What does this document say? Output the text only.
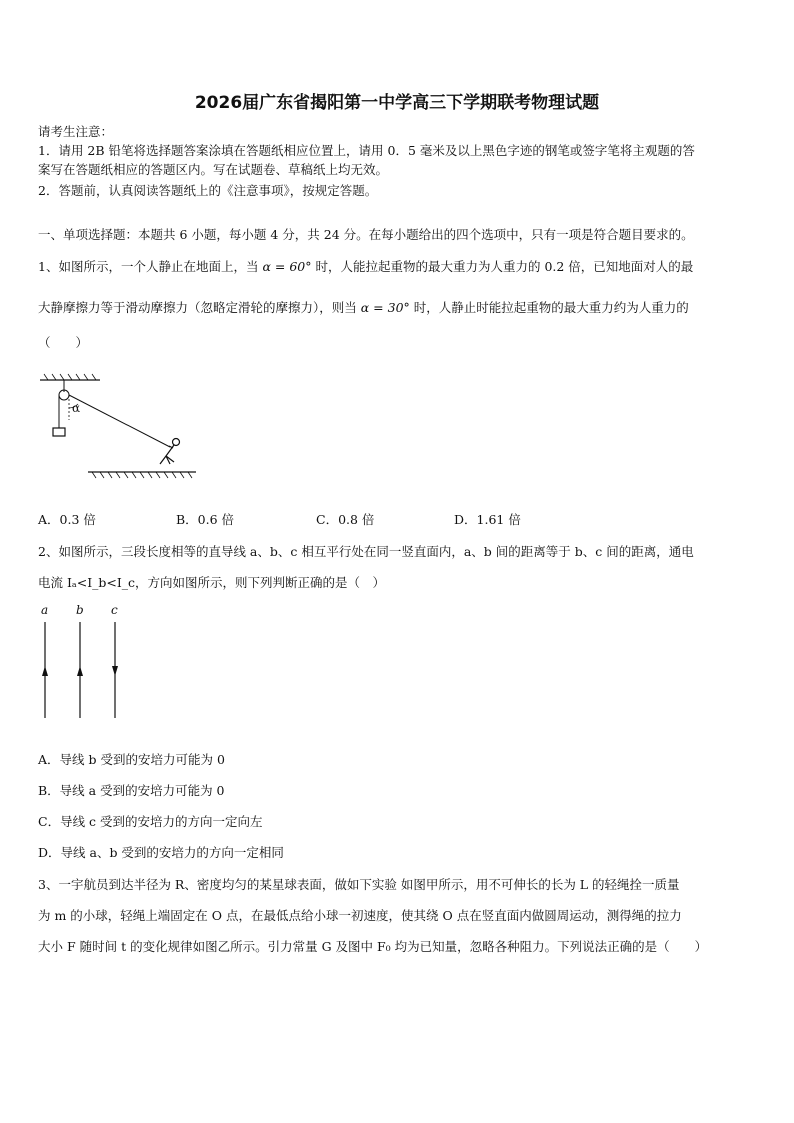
2026届广东省揭阳第一中学高三下学期联考物理试题
请考生注意：
1．请用 2B 铅笔将选择题答案涂填在答题纸相应位置上，请用 0．5 毫米及以上黑色字迹的钢笔或签字笔将主观题的答
案写在答题纸相应的答题区内。写在试题卷、草稿纸上均无效。
2．答题前，认真阅读答题纸上的《注意事项》，按规定答题。
一、单项选择题：本题共 6 小题，每小题 4 分，共 24 分。在每小题给出的四个选项中，只有一项是符合题目要求的。
1、如图所示，一个人静止在地面上，当 α = 60° 时，人能拉起重物的最大重力为人重力的 0.2 倍，已知地面对人的最
大静摩擦力等于滑动摩擦力（忽略定滑轮的摩擦力），则当 α = 30° 时，人静止时能拉起重物的最大重力约为人重力的
（　　）
α
A．0.3 倍	B．0.6 倍	C．0.8 倍	D．1.61 倍
2、如图所示，三段长度相等的直导线 a、b、c 相互平行处在同一竖直面内，a、b 间的距离等于 b、c 间的距离，通电
电流 Iₐ<I_b<I_c，方向如图所示，则下列判断正确的是（　）
a b c
A．导线 b 受到的安培力可能为 0
B．导线 a 受到的安培力可能为 0
C．导线 c 受到的安培力的方向一定向左
D．导线 a、b 受到的安培力的方向一定相同
3、一宇航员到达半径为 R、密度均匀的某星球表面，做如下实验 如图甲所示，用不可伸长的长为 L 的轻绳拴一质量
为 m 的小球，轻绳上端固定在 O 点，在最低点给小球一初速度，使其绕 O 点在竖直面内做圆周运动，测得绳的拉力
大小 F 随时间 t 的变化规律如图乙所示。引力常量 G 及图中 F₀ 均为已知量，忽略各种阻力。下列说法正确的是（　　）
